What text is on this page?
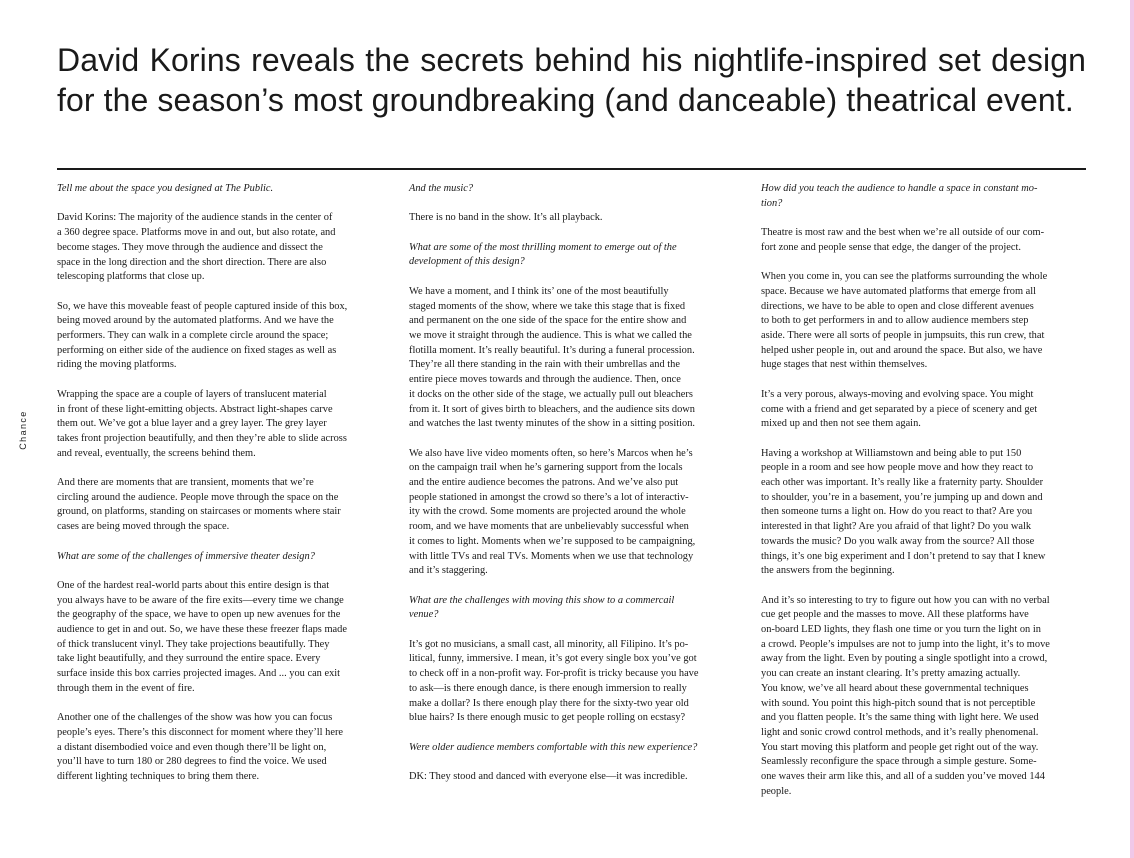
Chance
David Korins reveals the secrets behind his nightlife-inspired set design for the season’s most groundbreaking (and danceable) theatrical event.

Tell me about the space you designed at The Public.

David Korins: The majority of the audience stands in the center of
a 360 degree space. Platforms move in and out, but also rotate, and
become stages. They move through the audience and dissect the
space in the long direction and the short direction. There are also
telescoping platforms that close up.

So, we have this moveable feast of people captured inside of this box,
being moved around by the automated platforms. And we have the
performers. They can walk in a complete circle around the space;
performing on either side of the audience on fixed stages as well as
riding the moving platforms.

Wrapping the space are a couple of layers of translucent material
in front of these light-emitting objects. Abstract light-shapes carve
them out. We’ve got a blue layer and a grey layer. The grey layer
takes front projection beautifully, and then they’re able to slide across
and reveal, eventually, the screens behind them.

And there are moments that are transient, moments that we’re
circling around the audience. People move through the space on the
ground, on platforms, standing on staircases or moments where stair
cases are being moved through the space.

What are some of the challenges of immersive theater design?

One of the hardest real-world parts about this entire design is that
you always have to be aware of the fire exits—every time we change
the geography of the space, we have to open up new avenues for the
audience to get in and out. So, we have these these freezer flaps made
of thick translucent vinyl. They take projections beautifully. They
take light beautifully, and they surround the entire space. Every
surface inside this box carries projected images. And ... you can exit
through them in the event of fire.

Another one of the challenges of the show was how you can focus
people’s eyes. There’s this disconnect for moment where they’ll here
a distant disembodied voice and even though there’ll be light on,
you’ll have to turn 180 or 280 degrees to find the voice. We used
different lighting techniques to bring them there.

And the music?

There is no band in the show. It’s all playback.

What are some of the most thrilling moment to emerge out of the
development of this design?

We have a moment, and I think its’ one of the most beautifully
staged moments of the show, where we take this stage that is fixed
and permanent on the one side of the space for the entire show and
we move it straight through the audience. This is what we called the
flotilla moment. It’s really beautiful. It’s during a funeral procession.
They’re all there standing in the rain with their umbrellas and the
entire piece moves towards and through the audience. Then, once
it docks on the other side of the stage, we actually pull out bleachers
from it. It sort of gives birth to bleachers, and the audience sits down
and watches the last twenty minutes of the show in a sitting position.

We also have live video moments often, so here’s Marcos when he’s
on the campaign trail when he’s garnering support from the locals
and the entire audience becomes the patrons. And we’ve also put
people stationed in amongst the crowd so there’s a lot of interactiv-
ity with the crowd. Some moments are projected around the whole
room, and we have moments that are unbelievably successful when
it comes to light. Moments when we’re supposed to be campaigning,
with little TVs and real TVs. Moments when we use that technology
and it’s staggering.

What are the challenges with moving this show to a commercail
venue?

It’s got no musicians, a small cast, all minority, all Filipino. It’s po-
litical, funny, immersive. I mean, it’s got every single box you’ve got
to check off in a non-profit way. For-profit is tricky because you have
to ask—is there enough dance, is there enough immersion to really
make a dollar? Is there enough play there for the sixty-two year old
blue hairs? Is there enough music to get people rolling on ecstasy?

Were older audience members comfortable with this new experience?

DK: They stood and danced with everyone else—it was incredible.

How did you teach the audience to handle a space in constant mo-
tion?

Theatre is most raw and the best when we’re all outside of our com-
fort zone and people sense that edge, the danger of the project.

When you come in, you can see the platforms surrounding the whole
space. Because we have automated platforms that emerge from all
directions, we have to be able to open and close different avenues
to both to get performers in and to allow audience members step
aside. There were all sorts of people in jumpsuits, this run crew, that
helped usher people in, out and around the space. But also, we have
huge stages that nest within themselves.

It’s a very porous, always-moving and evolving space. You might
come with a friend and get separated by a piece of scenery and get
mixed up and then not see them again.

Having a workshop at Williamstown and being able to put 150
people in a room and see how people move and how they react to
each other was important. It’s really like a fraternity party. Shoulder
to shoulder, you’re in a basement, you’re jumping up and down and
then someone turns a light on. How do you react to that? Are you
interested in that light? Are you afraid of that light? Do you walk
towards the music? Do you walk away from the source? All those
things, it’s one big experiment and I don’t pretend to say that I knew
the answers from the beginning.

And it’s so interesting to try to figure out how you can with no verbal
cue get people and the masses to move. All these platforms have
on-board LED lights, they flash one time or you turn the light on in
a crowd. People’s impulses are not to jump into the light, it’s to move
away from the light. Even by pouting a single spotlight into a crowd,
you can create an instant clearing. It’s pretty amazing actually.
You know, we’ve all heard about these governmental techniques
with sound. You point this high-pitch sound that is not perceptible
and you flatten people. It’s the same thing with light here. We used
light and sonic crowd control methods, and it’s really phenomenal.
You start moving this platform and people get right out of the way.
Seamlessly reconfigure the space through a simple gesture. Some-
one waves their arm like this, and all of a sudden you’ve moved 144
people.
